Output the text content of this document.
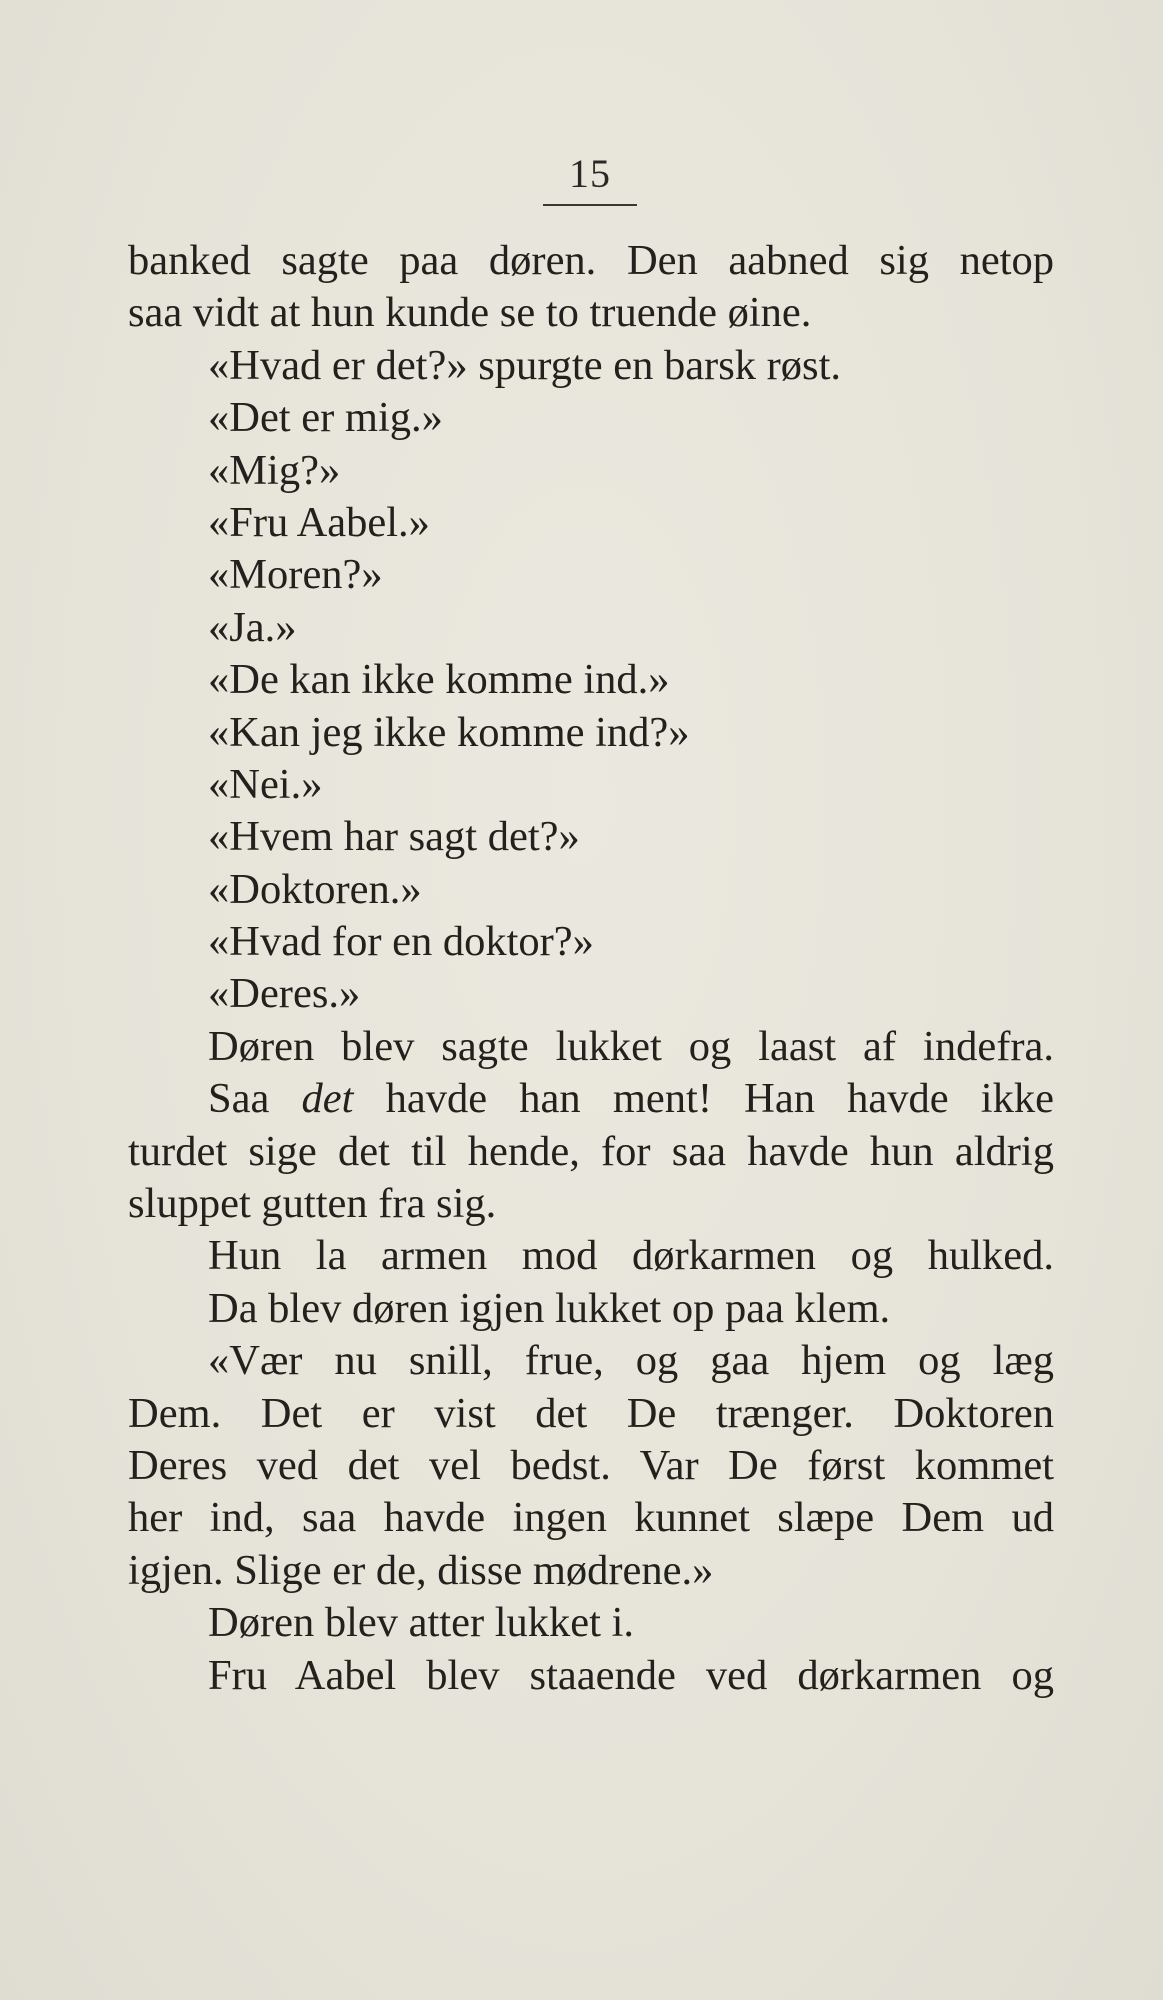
15
banked sagte paa døren. Den aabned sig netop
saa vidt at hun kunde se to truende øine.
«Hvad er det?» spurgte en barsk røst.
«Det er mig.»
«Mig?»
«Fru Aabel.»
«Moren?»
«Ja.»
«De kan ikke komme ind.»
«Kan jeg ikke komme ind?»
«Nei.»
«Hvem har sagt det?»
«Doktoren.»
«Hvad for en doktor?»
«Deres.»
Døren blev sagte lukket og laast af indefra.
Saa det havde han ment! Han havde ikke
turdet sige det til hende, for saa havde hun aldrig
sluppet gutten fra sig.
Hun la armen mod dørkarmen og hulked.
Da blev døren igjen lukket op paa klem.
«Vær nu snill, frue, og gaa hjem og læg
Dem. Det er vist det De trænger. Doktoren
Deres ved det vel bedst. Var De først kommet
her ind, saa havde ingen kunnet slæpe Dem ud
igjen. Slige er de, disse mødrene.»
Døren blev atter lukket i.
Fru Aabel blev staaende ved dørkarmen og
